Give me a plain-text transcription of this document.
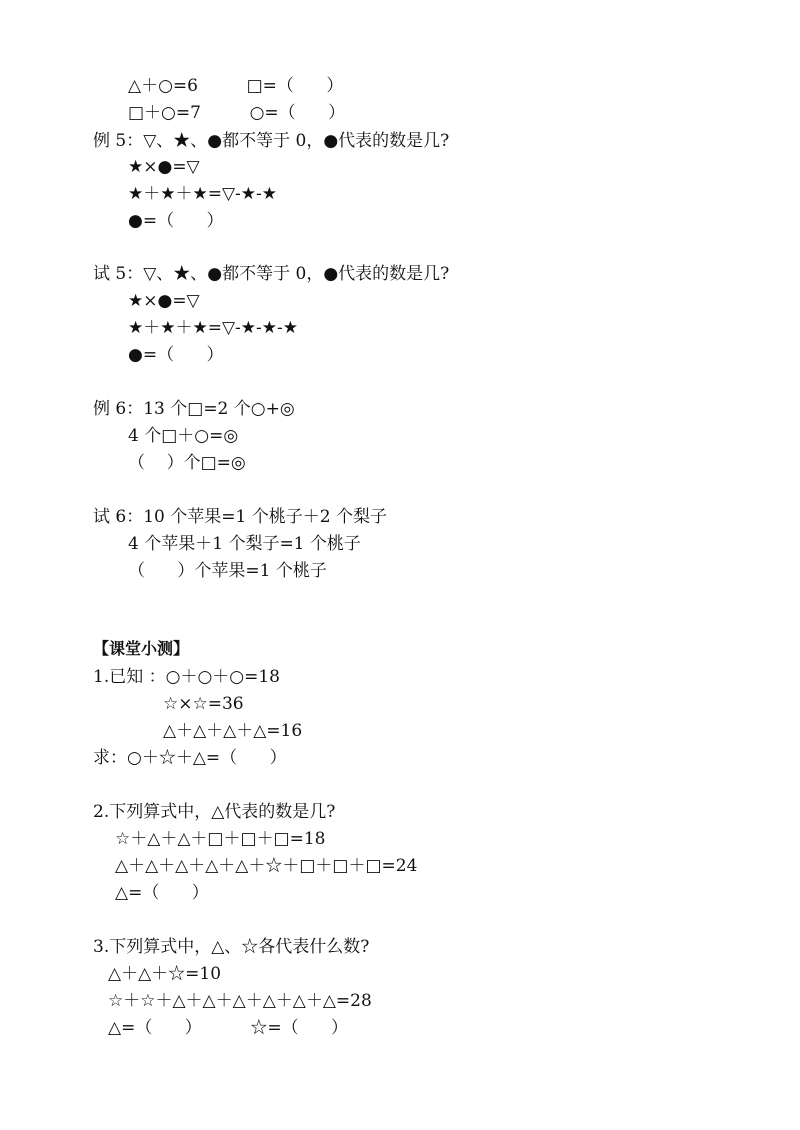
△＋○=6         □=（      ）
□＋○=7         ○=（      ）
例 5：▽、★、●都不等于 0，●代表的数是几?
★×●=▽
★＋★＋★=▽-★-★
●=（      ）
试 5：▽、★、●都不等于 0，●代表的数是几?
★×●=▽
★＋★＋★=▽-★-★-★
●=（      ）
例 6：13 个□=2 个○+◎
4 个□＋○=◎
（    ）个□=◎
试 6：10 个苹果=1 个桃子＋2 个梨子
4 个苹果＋1 个梨子=1 个桃子
（      ）个苹果=1 个桃子
【课堂小测】
1.已知 ：○＋○＋○=18
☆×☆=36
△＋△＋△＋△=16
求：○＋☆＋△=（      ）
2.下列算式中，△代表的数是几?
☆＋△＋△＋□＋□＋□=18
△＋△＋△＋△＋△＋☆＋□＋□＋□=24
△=（      ）
3.下列算式中，△、☆各代表什么数?
△＋△＋☆=10
☆＋☆＋△＋△＋△＋△＋△＋△=28
△=（      ）         ☆=（      ）
